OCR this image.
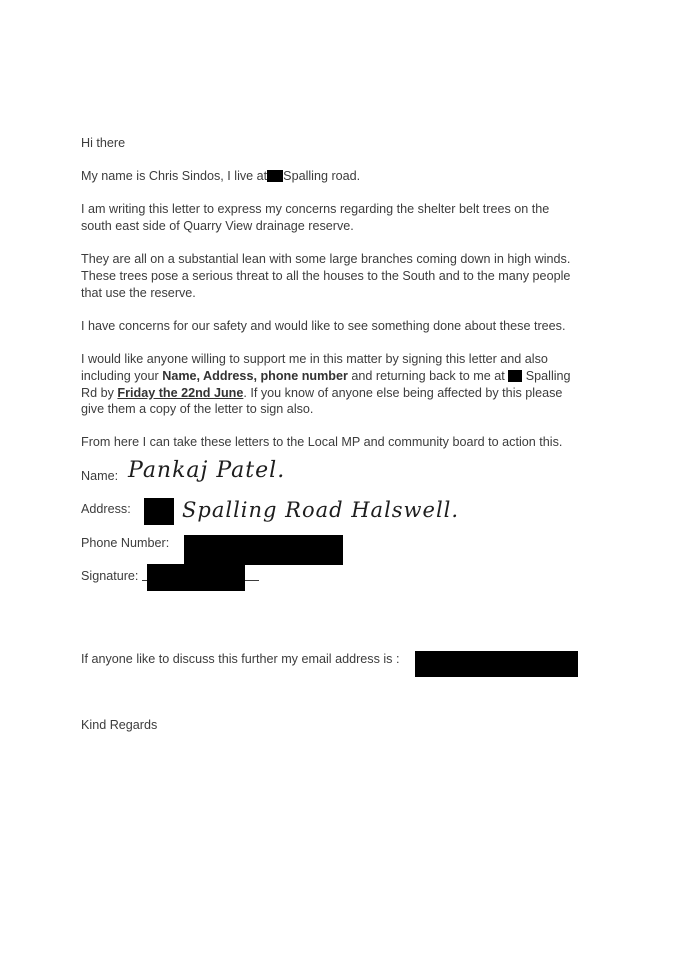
Hi there

My name is Chris Sindos, I live at Spalling road.

I am writing this letter to express my concerns regarding the shelter belt trees on the
south east side of Quarry View drainage reserve.

They are all on a substantial lean with some large branches coming down in high winds.
These trees pose a serious threat to all the houses to the South and to the many people
that use the reserve.

I have concerns for our safety and would like to see something done about these trees.

I would like anyone willing to support me in this matter by signing this letter and also
including your Name, Address, phone number and returning back to me at Spalling
Rd by Friday the 22nd June. If you know of anyone else being affected by this please
give them a copy of the letter to sign also.

From here I can take these letters to the Local MP and community board to action this.

Name: Pankaj Patel.
Address: Spalling Road Halswell.
Phone Number:
Signature:
If anyone like to discuss this further my email address is :

Kind Regards
